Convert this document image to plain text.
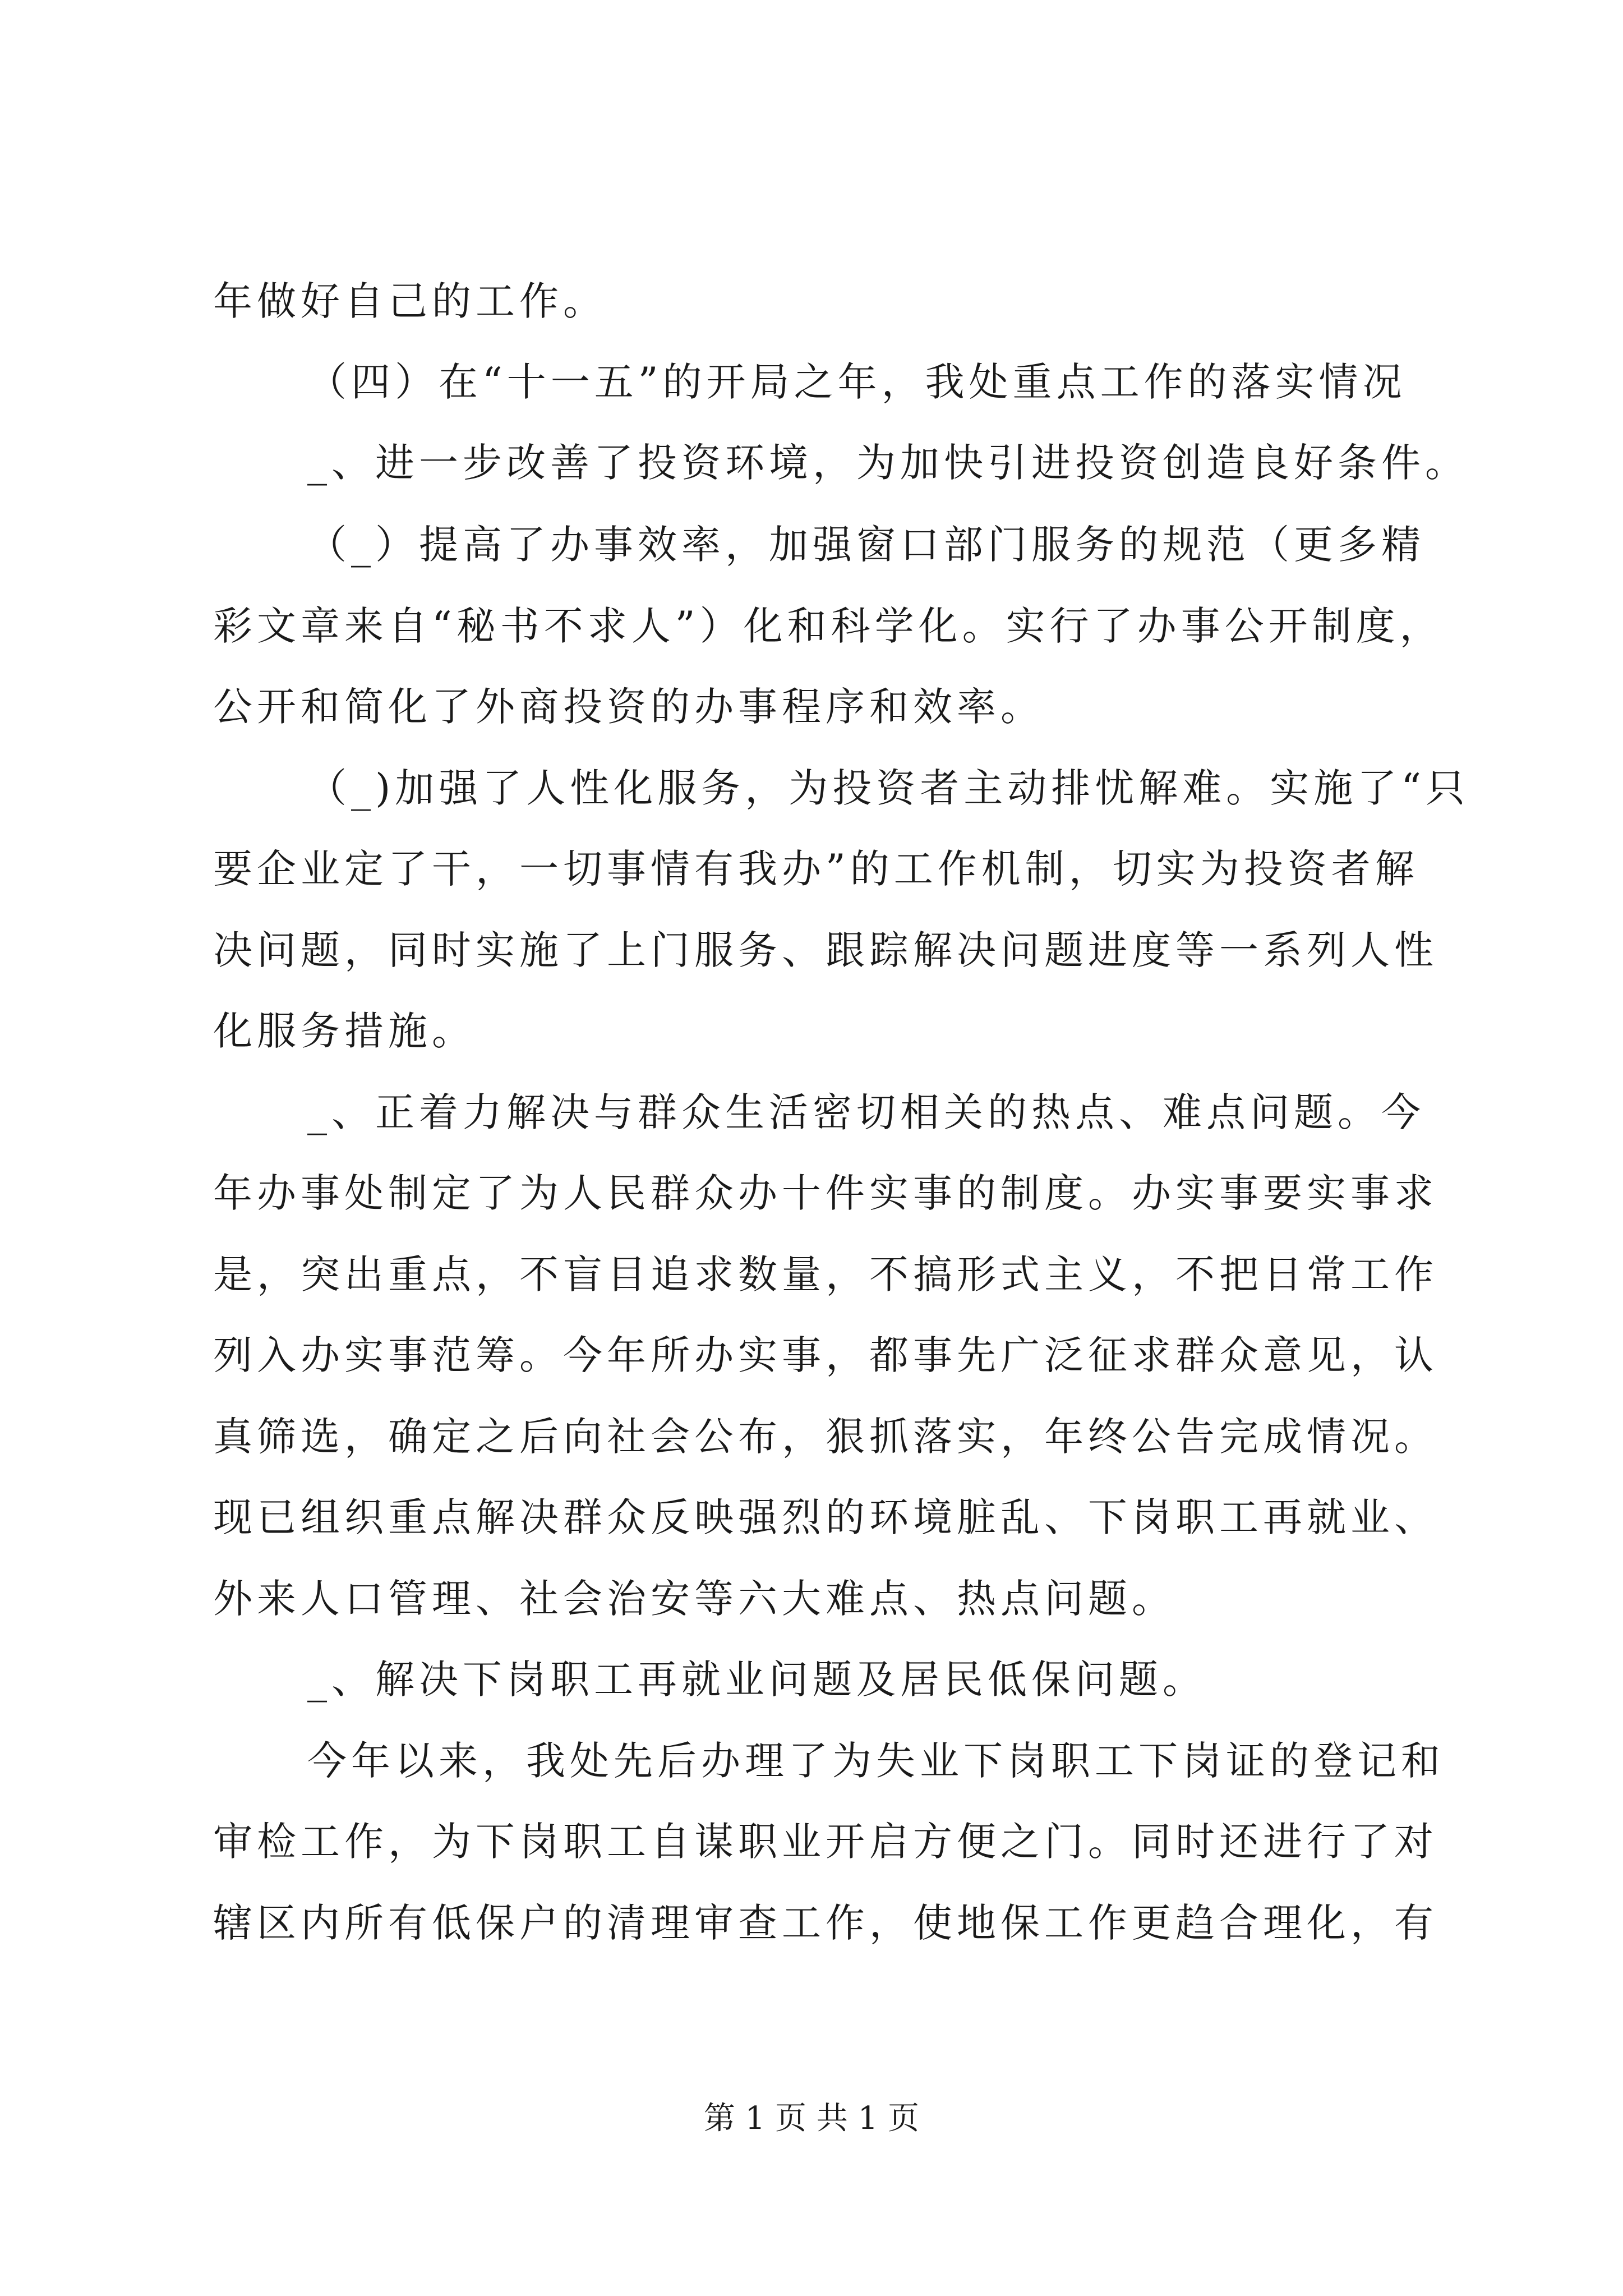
年做好自己的工作。
（四）在“十一五”的开局之年，我处重点工作的落实情况
_、进一步改善了投资环境，为加快引进投资创造良好条件。
（_）提高了办事效率，加强窗口部门服务的规范（更多精
彩文章来自“秘书不求人”）化和科学化。实行了办事公开制度，
公开和简化了外商投资的办事程序和效率。
（_)加强了人性化服务，为投资者主动排忧解难。实施了“只
要企业定了干，一切事情有我办”的工作机制，切实为投资者解
决问题，同时实施了上门服务、跟踪解决问题进度等一系列人性
化服务措施。
_、正着力解决与群众生活密切相关的热点、难点问题。今
年办事处制定了为人民群众办十件实事的制度。办实事要实事求
是，突出重点，不盲目追求数量，不搞形式主义，不把日常工作
列入办实事范筹。今年所办实事，都事先广泛征求群众意见，认
真筛选，确定之后向社会公布，狠抓落实，年终公告完成情况。
现已组织重点解决群众反映强烈的环境脏乱、下岗职工再就业、
外来人口管理、社会治安等六大难点、热点问题。
_、解决下岗职工再就业问题及居民低保问题。
今年以来，我处先后办理了为失业下岗职工下岗证的登记和
审检工作，为下岗职工自谋职业开启方便之门。同时还进行了对
辖区内所有低保户的清理审查工作，使地保工作更趋合理化，有
第 1 页 共 1 页
